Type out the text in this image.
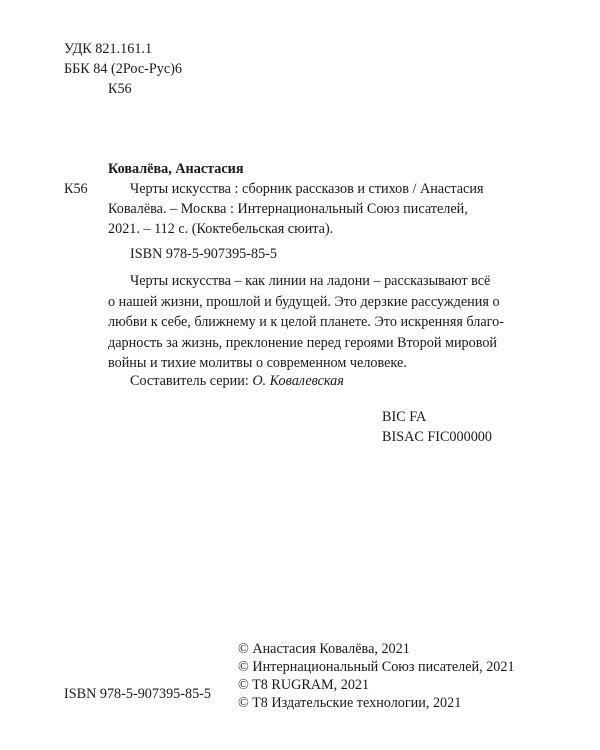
УДК 821.161.1
ББК 84 (2Рос-Рус)6
К56
Ковалёва, Анастасия
К56	Черты искусства : сборник рассказов и стихов / Анастасия
Ковалёва. – Москва : Интернациональный Союз писателей,
2021. – 112 с. (Коктебельская сюита).
ISBN 978-5-907395-85-5
Черты искусства – как линии на ладони – рассказывают всё
о нашей жизни, прошлой и будущей. Это дерзкие рассуждения о
любви к себе, ближнему и к целой планете. Это искренняя благо-
дарность за жизнь, преклонение перед героями Второй мировой
войны и тихие молитвы о современном человеке.
Составитель серии: О. Ковалевская
BIC FA
BISAC FIC000000
© Анастасия Ковалёва, 2021
© Интернациональный Союз писателей, 2021
© T8 RUGRAM, 2021
© T8 Издательские технологии, 2021
ISBN 978-5-907395-85-5
